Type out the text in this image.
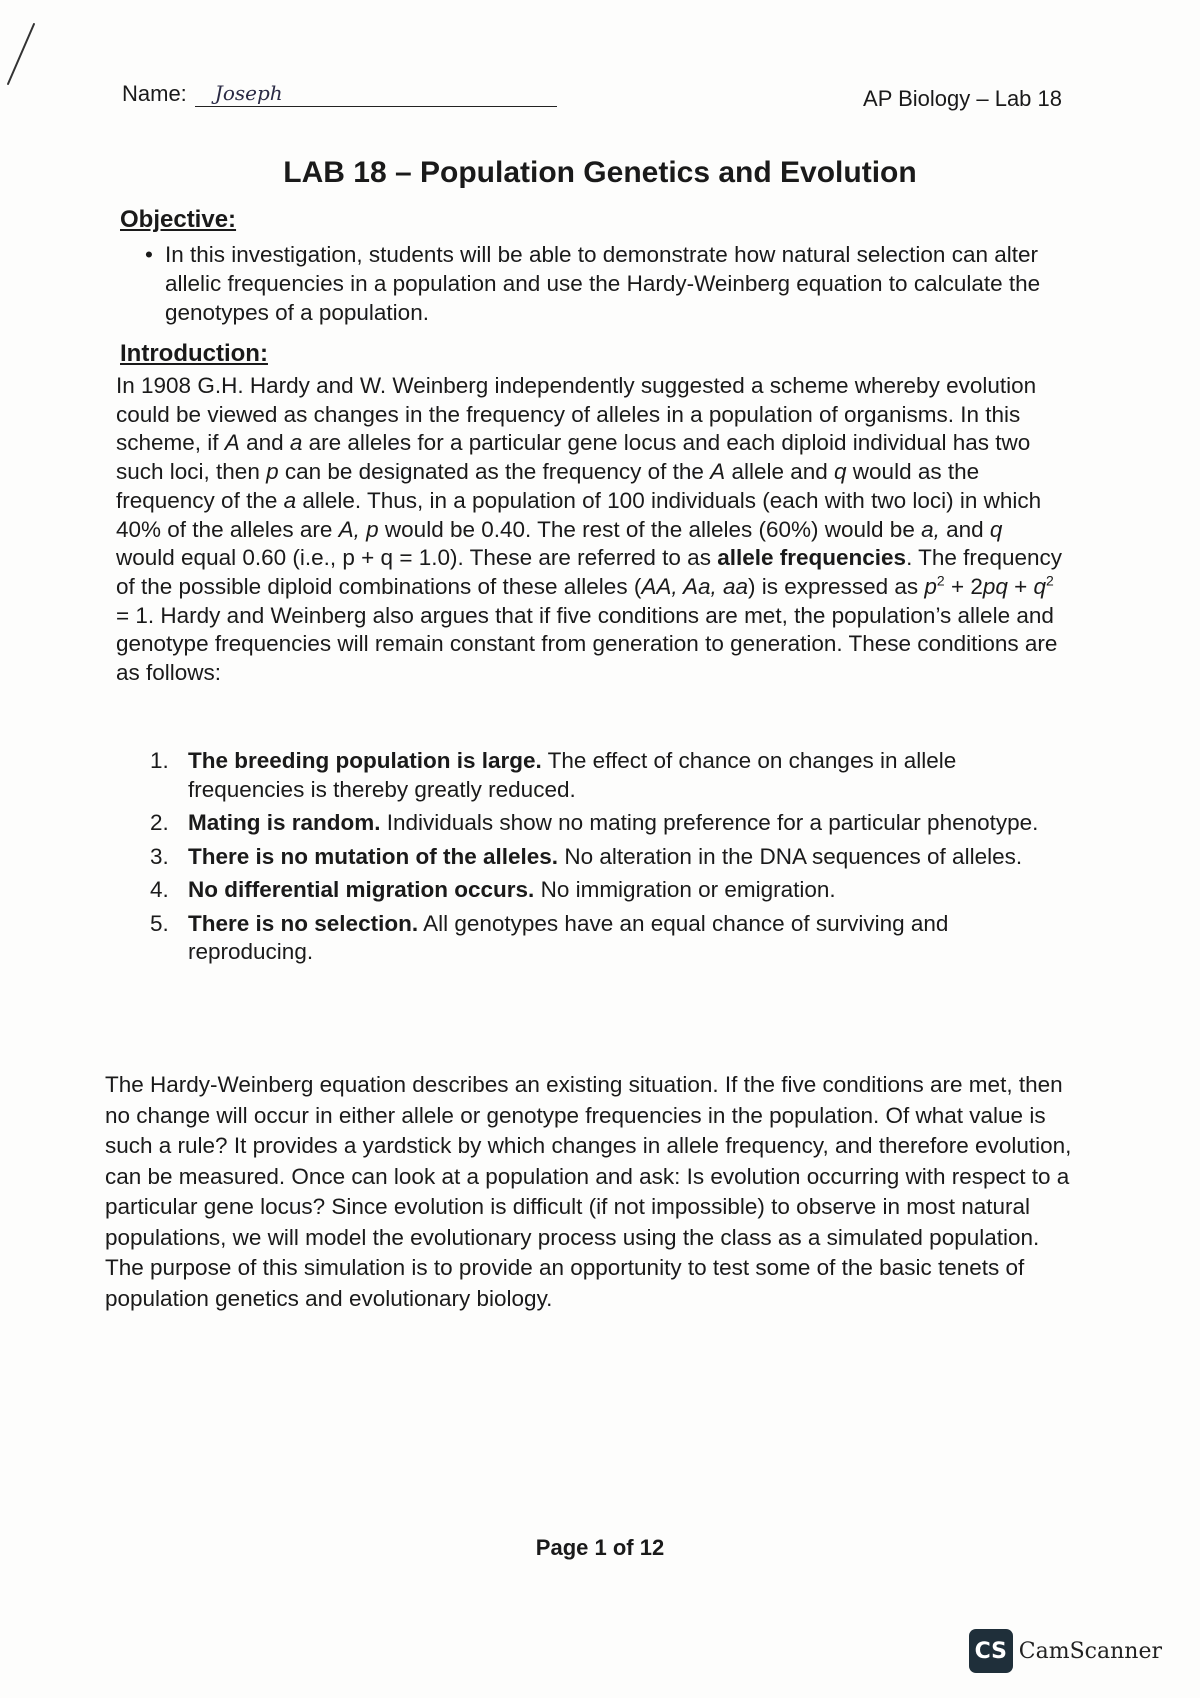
Name: Joseph	AP Biology – Lab 18
LAB 18 – Population Genetics and Evolution
Objective:
• In this investigation, students will be able to demonstrate how natural selection can alter allelic frequencies in a population and use the Hardy-Weinberg equation to calculate the genotypes of a population.
Introduction:
In 1908 G.H. Hardy and W. Weinberg independently suggested a scheme whereby evolution could be viewed as changes in the frequency of alleles in a population of organisms. In this scheme, if A and a are alleles for a particular gene locus and each diploid individual has two such loci, then p can be designated as the frequency of the A allele and q would as the frequency of the a allele. Thus, in a population of 100 individuals (each with two loci) in which 40% of the alleles are A, p would be 0.40. The rest of the alleles (60%) would be a, and q would equal 0.60 (i.e., p + q = 1.0). These are referred to as allele frequencies. The frequency of the possible diploid combinations of these alleles (AA, Aa, aa) is expressed as $p^2 + 2pq + q^2 = 1$. Hardy and Weinberg also argues that if five conditions are met, the population’s allele and genotype frequencies will remain constant from generation to generation. These conditions are as follows:
1. The breeding population is large. The effect of chance on changes in allele frequencies is thereby greatly reduced.
2. Mating is random. Individuals show no mating preference for a particular phenotype.
3. There is no mutation of the alleles. No alteration in the DNA sequences of alleles.
4. No differential migration occurs. No immigration or emigration.
5. There is no selection. All genotypes have an equal chance of surviving and reproducing.
The Hardy-Weinberg equation describes an existing situation. If the five conditions are met, then no change will occur in either allele or genotype frequencies in the population. Of what value is such a rule? It provides a yardstick by which changes in allele frequency, and therefore evolution, can be measured. Once can look at a population and ask: Is evolution occurring with respect to a particular gene locus? Since evolution is difficult (if not impossible) to observe in most natural populations, we will model the evolutionary process using the class as a simulated population. The purpose of this simulation is to provide an opportunity to test some of the basic tenets of population genetics and evolutionary biology.
Page 1 of 12
CS CamScanner
